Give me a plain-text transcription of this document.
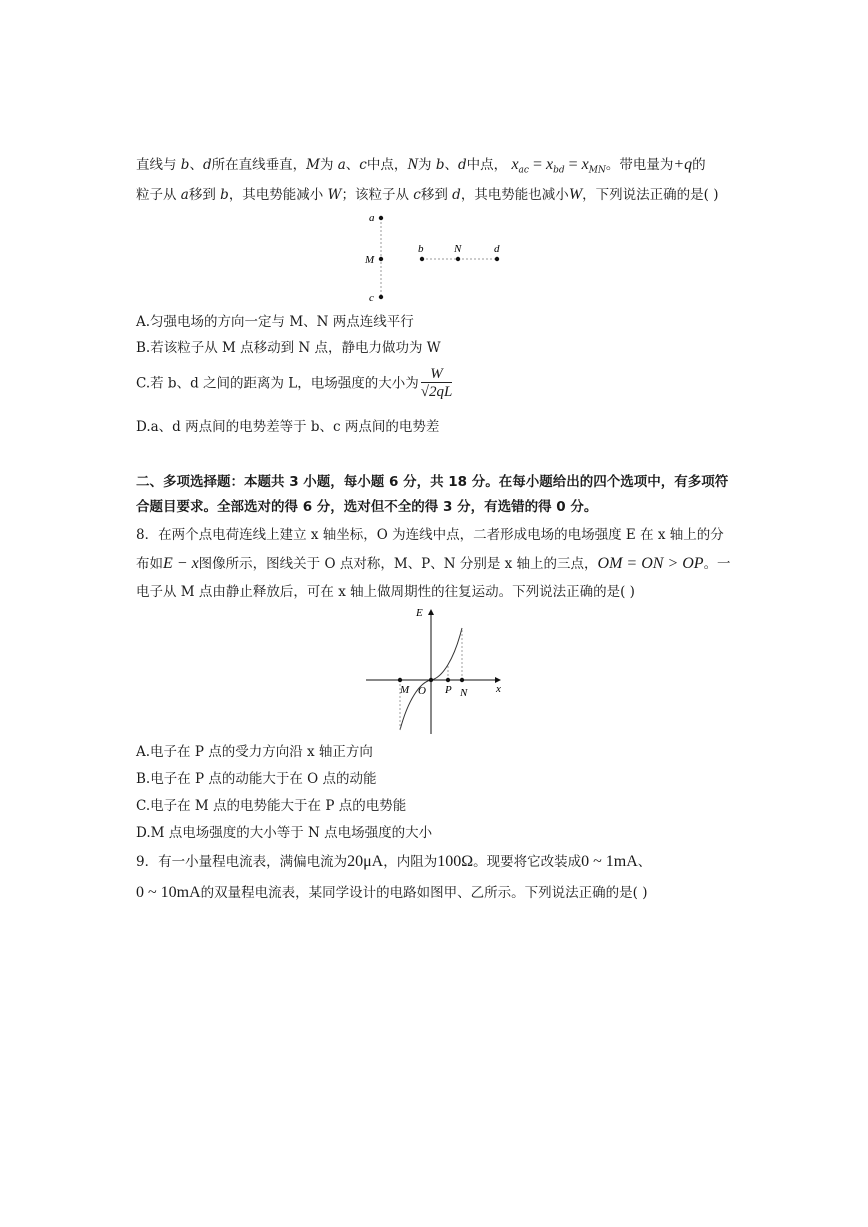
直线与 b、d所在直线垂直，M为 a、c中点，N为 b、d中点， $x_{ac} = x_{bd} = x_{MN}$。带电量为+q的
粒子从 a移到 b，其电势能减小 W；该粒子从 c移到 d，其电势能也减小W，下列说法正确的是( )
a
M
c
b	N	d
A.匀强电场的方向一定与 M、N 两点连线平行
B.若该粒子从 M 点移动到 N 点，静电力做功为 W
C.若 b、d 之间的距离为 L，电场强度的大小为 $\frac{W}{√2qL}$
D.a、d 两点间的电势差等于 b、c 两点间的电势差
二、多项选择题：本题共 3 小题，每小题 6 分，共 18 分。在每小题给出的四个选项中，有多项符
合题目要求。全部选对的得 6 分，选对但不全的得 3 分，有选错的得 0 分。
8．在两个点电荷连线上建立 x 轴坐标，O 为连线中点，二者形成电场的电场强度 E 在 x 轴上的分
布如E − x图像所示，图线关于 O 点对称，M、P、N 分别是 x 轴上的三点，OM = ON > OP。一
电子从 M 点由静止释放后，可在 x 轴上做周期性的往复运动。下列说法正确的是( )
E
x
M O P N
A.电子在 P 点的受力方向沿 x 轴正方向
B.电子在 P 点的动能大于在 O 点的动能
C.电子在 M 点的电势能大于在 P 点的电势能
D.M 点电场强度的大小等于 N 点电场强度的大小
9．有一小量程电流表，满偏电流为20μA，内阻为100Ω。现要将它改装成0 ~ 1mA、
0 ~ 10mA的双量程电流表，某同学设计的电路如图甲、乙所示。下列说法正确的是( )
